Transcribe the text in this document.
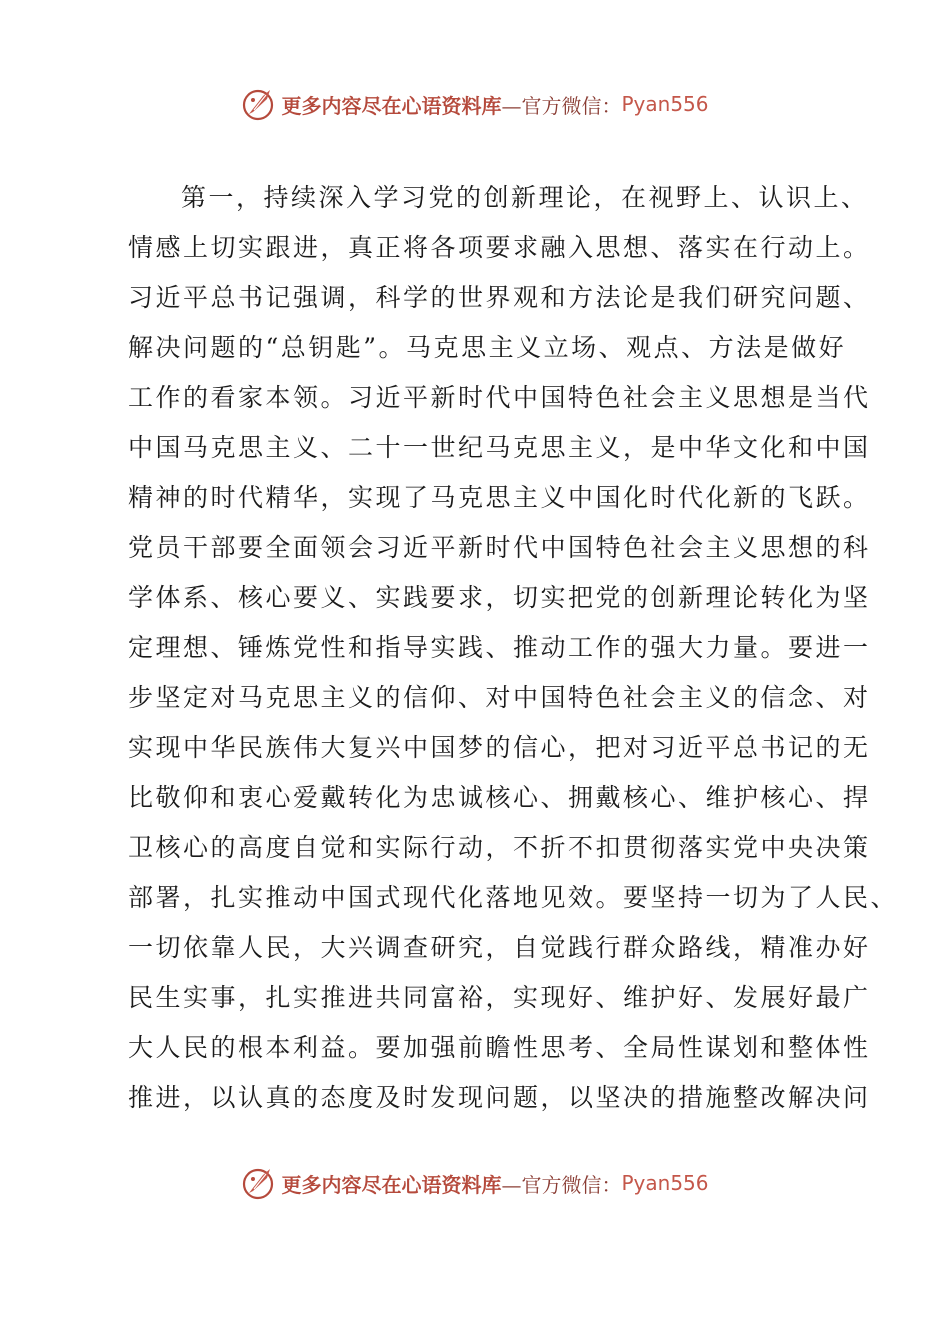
更多内容尽在心语资料库 —官方微信： Pyan556

第一，持续深入学习党的创新理论，在视野上、认识上、

情感上切实跟进，真正将各项要求融入思想、落实在行动上。

习近平总书记强调，科学的世界观和方法论是我们研究问题、

解决问题的“总钥匙”。马克思主义立场、观点、方法是做好

工作的看家本领。习近平新时代中国特色社会主义思想是当代

中国马克思主义、二十一世纪马克思主义，是中华文化和中国

精神的时代精华，实现了马克思主义中国化时代化新的飞跃。

党员干部要全面领会习近平新时代中国特色社会主义思想的科

学体系、核心要义、实践要求，切实把党的创新理论转化为坚

定理想、锤炼党性和指导实践、推动工作的强大力量。要进一

步坚定对马克思主义的信仰、对中国特色社会主义的信念、对

实现中华民族伟大复兴中国梦的信心，把对习近平总书记的无

比敬仰和衷心爱戴转化为忠诚核心、拥戴核心、维护核心、捍

卫核心的高度自觉和实际行动，不折不扣贯彻落实党中央决策

部署，扎实推动中国式现代化落地见效。要坚持一切为了人民、

一切依靠人民，大兴调查研究，自觉践行群众路线，精准办好

民生实事，扎实推进共同富裕，实现好、维护好、发展好最广

大人民的根本利益。要加强前瞻性思考、全局性谋划和整体性

推进，以认真的态度及时发现问题，以坚决的措施整改解决问

更多内容尽在心语资料库 —官方微信： Pyan556
